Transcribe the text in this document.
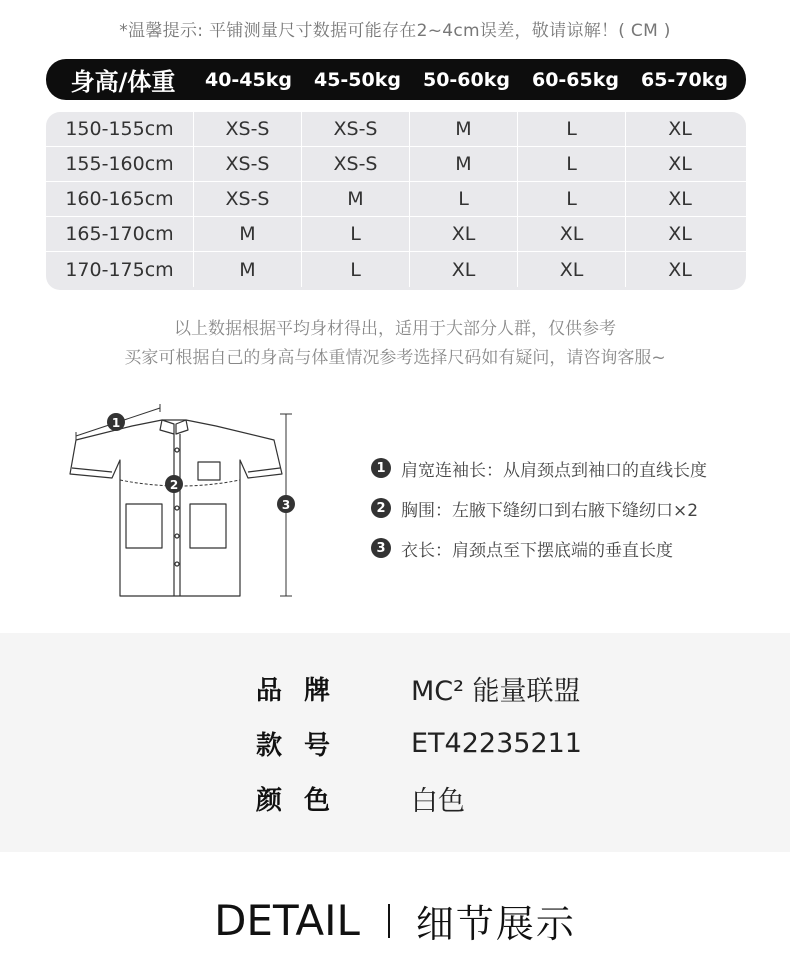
*温馨提示: 平铺测量尺寸数据可能存在2~4cm误差，敬请谅解！( CM )
身高/体重	40-45kg	45-50kg	50-60kg	60-65kg	65-70kg
150-155cm	XS-S	XS-S	M	L	XL
155-160cm	XS-S	XS-S	M	L	XL
160-165cm	XS-S	M	L	L	XL
165-170cm	M	L	XL	XL	XL
170-175cm	M	L	XL	XL	XL
以上数据根据平均身材得出，适用于大部分人群，仅供参考
买家可根据自己的身高与体重情况参考选择尺码如有疑问，请咨询客服~
1
2
3
1 肩宽连袖长：从肩颈点到袖口的直线长度
2 胸围：左腋下缝纫口到右腋下缝纫口×2
3 衣长：肩颈点至下摆底端的垂直长度
品牌	MC² 能量联盟
款号	ET42235211
颜色	白色
DETAIL 细节展示
